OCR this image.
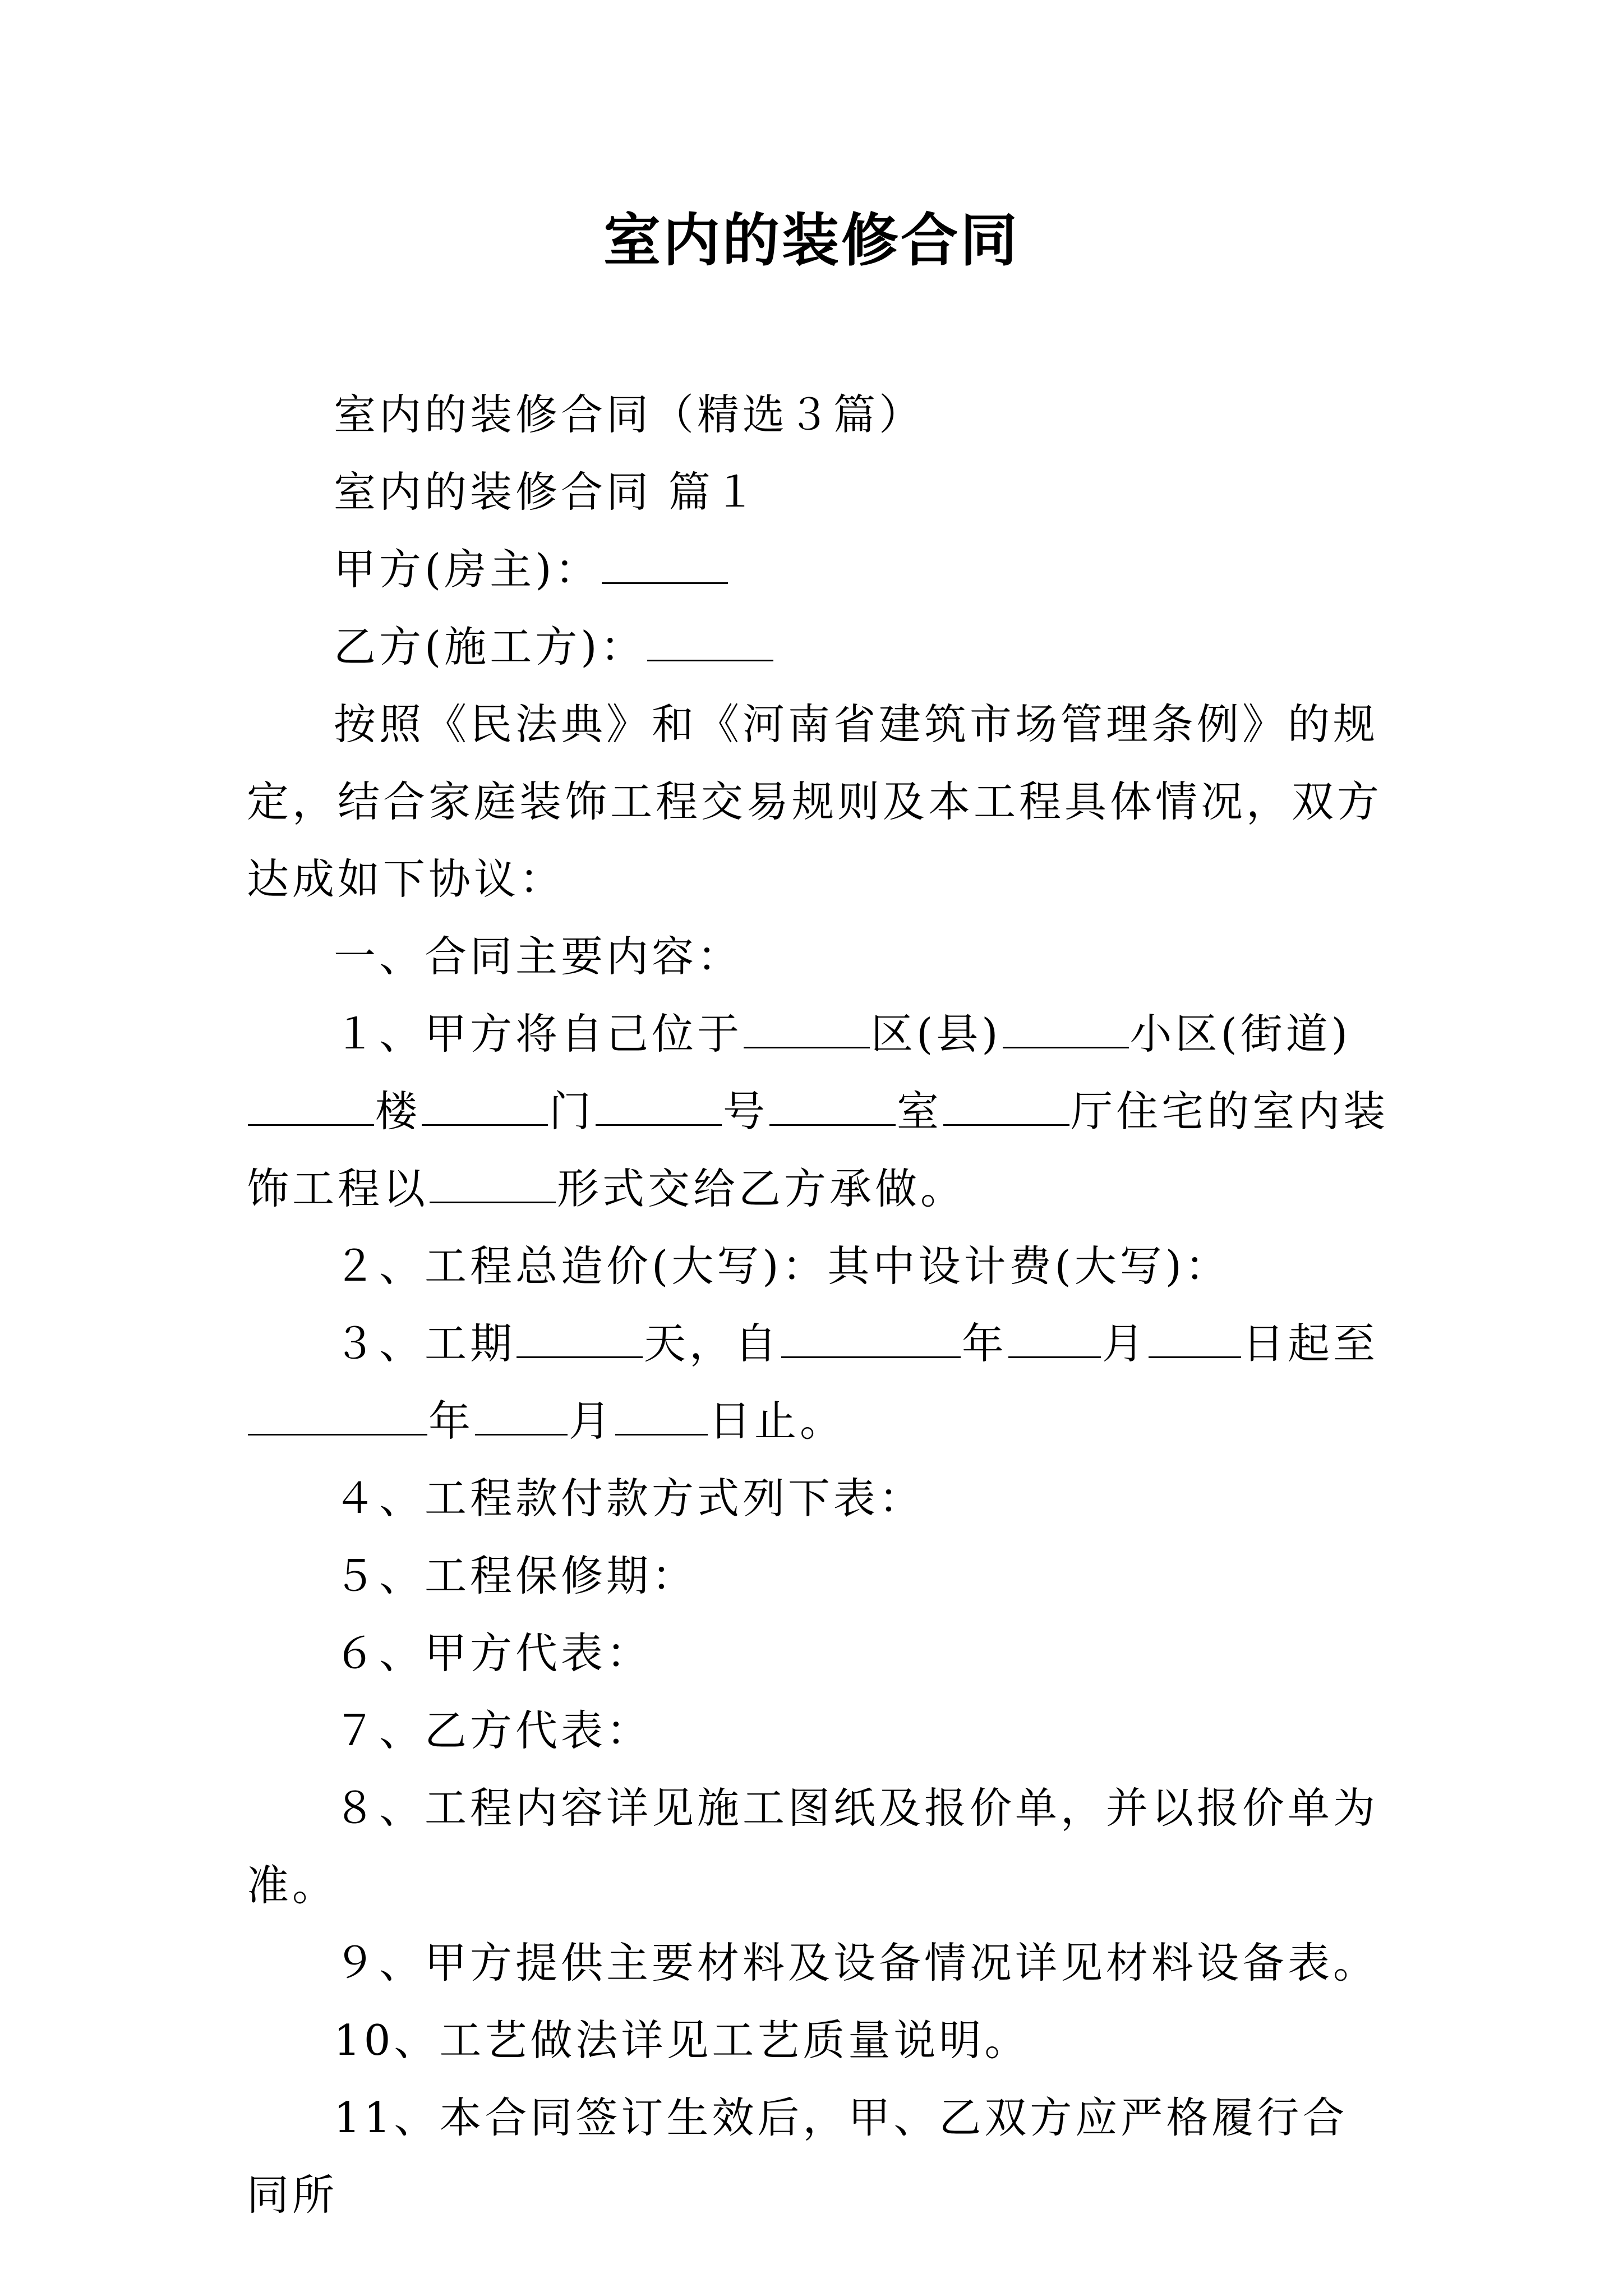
室内的装修合同

室内的装修合同（精选３篇）

室内的装修合同 篇１

甲方(房主)：

乙方(施工方)：

按照《民法典》和《河南省建筑市场管理条例》的规定，结合家庭装饰工程交易规则及本工程具体情况，双方达成如下协议：

一、合同主要内容：

１、甲方将自己位于	区(县)	小区(街道)楼	门	号	室	厅住宅的室内装饰工程以	形式交给乙方承做。

２、工程总造价(大写)：其中设计费(大写)：

３、工期	天，自	年 月 日起至年 月 日止。

４、工程款付款方式列下表：

５、工程保修期：

６、甲方代表：

７、乙方代表：

８、工程内容详见施工图纸及报价单，并以报价单为准。

９、甲方提供主要材料及设备情况详见材料设备表。

10、工艺做法详见工艺质量说明。

11、本合同签订生效后，甲、乙双方应严格履行合同所
